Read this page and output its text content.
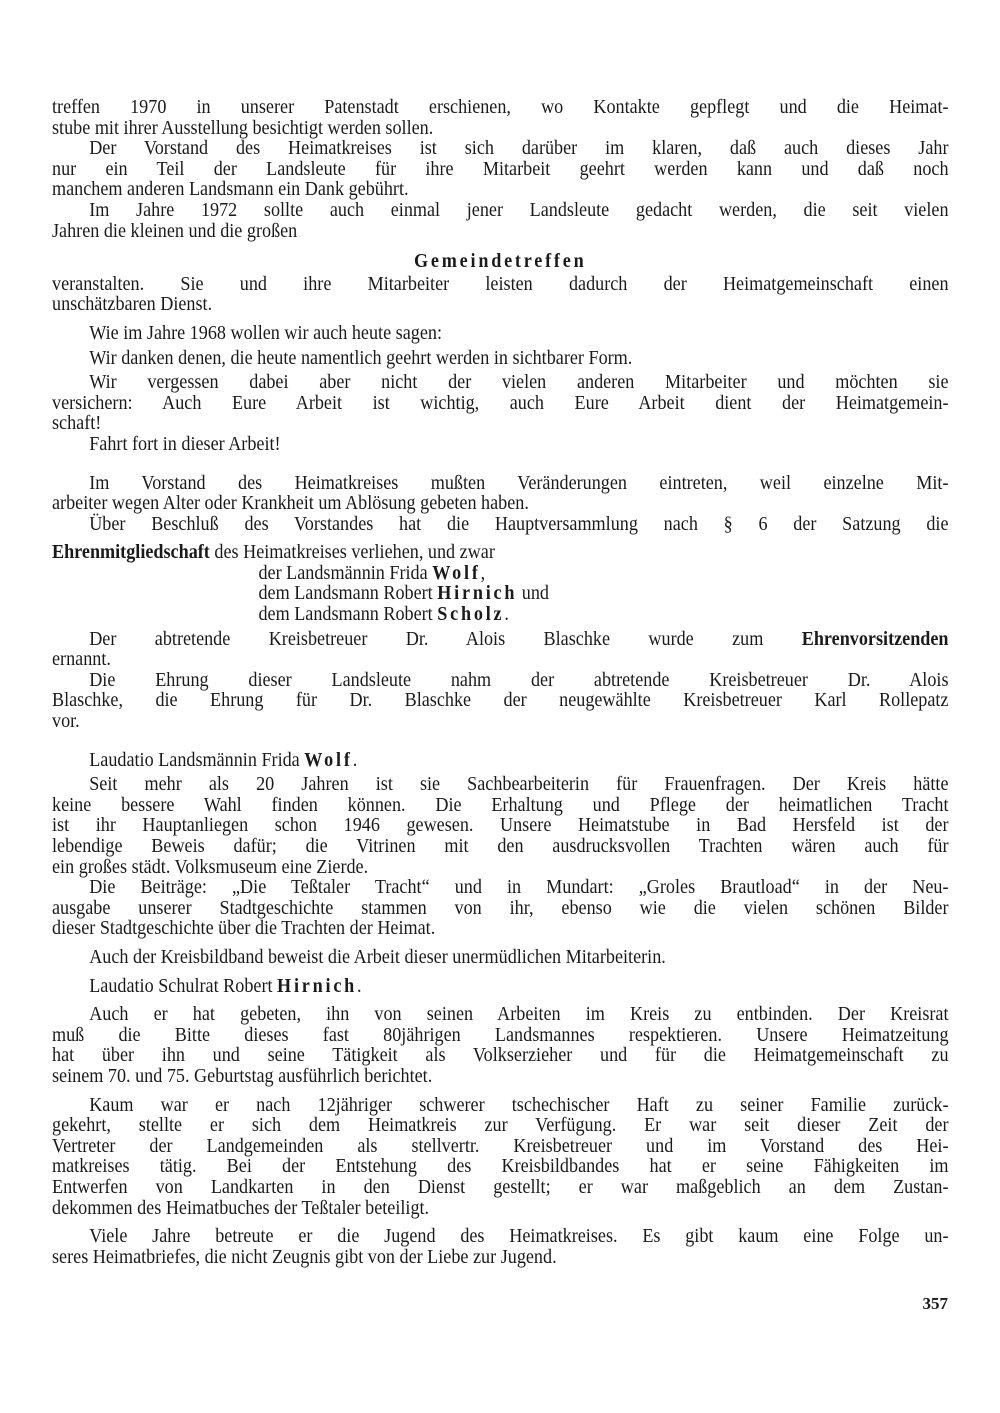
treffen 1970 in unserer Patenstadt erschienen, wo Kontakte gepflegt und die Heimat-
stube mit ihrer Ausstellung besichtigt werden sollen.
Der Vorstand des Heimatkreises ist sich darüber im klaren, daß auch dieses Jahr
nur ein Teil der Landsleute für ihre Mitarbeit geehrt werden kann und daß noch
manchem anderen Landsmann ein Dank gebührt.
Im Jahre 1972 sollte auch einmal jener Landsleute gedacht werden, die seit vielen
Jahren die kleinen und die großen
Gemeindetreffen
veranstalten. Sie und ihre Mitarbeiter leisten dadurch der Heimatgemeinschaft einen
unschätzbaren Dienst.
Wie im Jahre 1968 wollen wir auch heute sagen:
Wir danken denen, die heute namentlich geehrt werden in sichtbarer Form.
Wir vergessen dabei aber nicht der vielen anderen Mitarbeiter und möchten sie
versichern: Auch Eure Arbeit ist wichtig, auch Eure Arbeit dient der Heimatgemein-
schaft!
Fahrt fort in dieser Arbeit!
Im Vorstand des Heimatkreises mußten Veränderungen eintreten, weil einzelne Mit-
arbeiter wegen Alter oder Krankheit um Ablösung gebeten haben.
Über Beschluß des Vorstandes hat die Hauptversammlung nach § 6 der Satzung die
Ehrenmitgliedschaft des Heimatkreises verliehen, und zwar
der Landsmännin Frida Wolf,
dem Landsmann Robert Hirnich und
dem Landsmann Robert Scholz.
Der abtretende Kreisbetreuer Dr. Alois Blaschke wurde zum Ehrenvorsitzenden
ernannt.
Die Ehrung dieser Landsleute nahm der abtretende Kreisbetreuer Dr. Alois
Blaschke, die Ehrung für Dr. Blaschke der neugewählte Kreisbetreuer Karl Rollepatz
vor.
Laudatio Landsmännin Frida Wolf.
Seit mehr als 20 Jahren ist sie Sachbearbeiterin für Frauenfragen. Der Kreis hätte
keine bessere Wahl finden können. Die Erhaltung und Pflege der heimatlichen Tracht
ist ihr Hauptanliegen schon 1946 gewesen. Unsere Heimatstube in Bad Hersfeld ist der
lebendige Beweis dafür; die Vitrinen mit den ausdrucksvollen Trachten wären auch für
ein großes städt. Volksmuseum eine Zierde.
Die Beiträge: „Die Teßtaler Tracht“ und in Mundart: „Groles Brautload“ in der Neu-
ausgabe unserer Stadtgeschichte stammen von ihr, ebenso wie die vielen schönen Bilder
dieser Stadtgeschichte über die Trachten der Heimat.
Auch der Kreisbildband beweist die Arbeit dieser unermüdlichen Mitarbeiterin.
Laudatio Schulrat Robert Hirnich.
Auch er hat gebeten, ihn von seinen Arbeiten im Kreis zu entbinden. Der Kreisrat
muß die Bitte dieses fast 80jährigen Landsmannes respektieren. Unsere Heimatzeitung
hat über ihn und seine Tätigkeit als Volkserzieher und für die Heimatgemeinschaft zu
seinem 70. und 75. Geburtstag ausführlich berichtet.
Kaum war er nach 12jähriger schwerer tschechischer Haft zu seiner Familie zurück-
gekehrt, stellte er sich dem Heimatkreis zur Verfügung. Er war seit dieser Zeit der
Vertreter der Landgemeinden als stellvertr. Kreisbetreuer und im Vorstand des Hei-
matkreises tätig. Bei der Entstehung des Kreisbildbandes hat er seine Fähigkeiten im
Entwerfen von Landkarten in den Dienst gestellt; er war maßgeblich an dem Zustan-
dekommen des Heimatbuches der Teßtaler beteiligt.
Viele Jahre betreute er die Jugend des Heimatkreises. Es gibt kaum eine Folge un-
seres Heimatbriefes, die nicht Zeugnis gibt von der Liebe zur Jugend.
357
